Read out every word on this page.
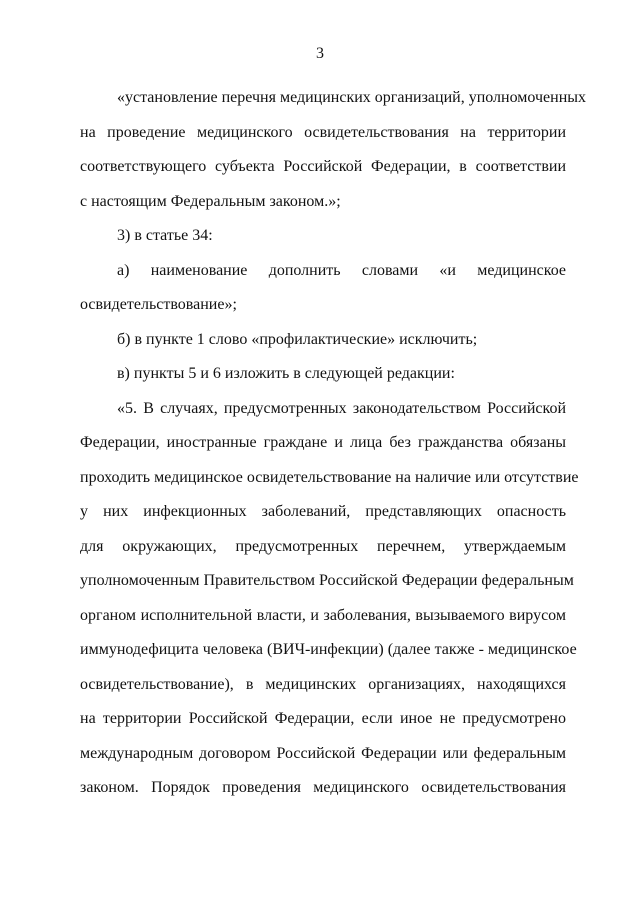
3
«установление перечня медицинских организаций, уполномоченных
на проведение медицинского освидетельствования на территории
соответствующего субъекта Российской Федерации, в соответствии
с настоящим Федеральным законом.»;
3) в статье 34:
а) наименование дополнить словами «и медицинское
освидетельствование»;
б) в пункте 1 слово «профилактические» исключить;
в) пункты 5 и 6 изложить в следующей редакции:
«5. В случаях, предусмотренных законодательством Российской
Федерации, иностранные граждане и лица без гражданства обязаны
проходить медицинское освидетельствование на наличие или отсутствие
у них инфекционных заболеваний, представляющих опасность
для окружающих, предусмотренных перечнем, утверждаемым
уполномоченным Правительством Российской Федерации федеральным
органом исполнительной власти, и заболевания, вызываемого вирусом
иммунодефицита человека (ВИЧ-инфекции) (далее также - медицинское
освидетельствование), в медицинских организациях, находящихся
на территории Российской Федерации, если иное не предусмотрено
международным договором Российской Федерации или федеральным
законом. Порядок проведения медицинского освидетельствования
